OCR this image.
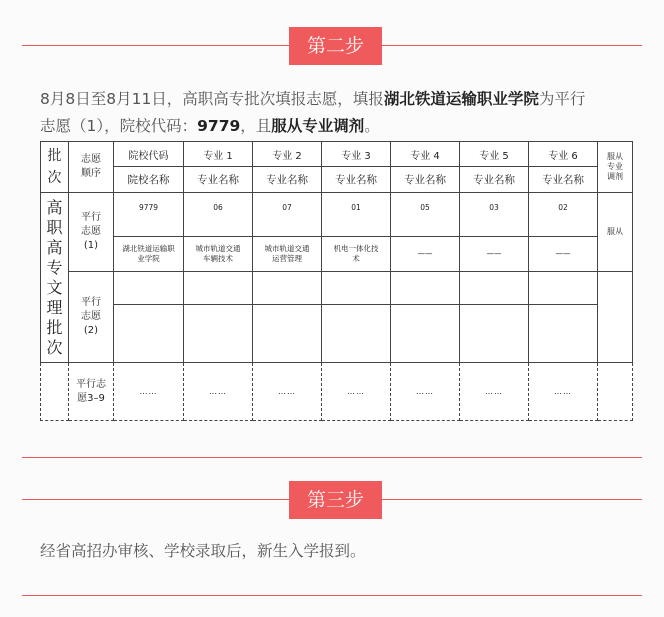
第二步
8月8日至8月11日，高职高专批次填报志愿，填报湖北铁道运输职业学院为平行
志愿（1），院校代码：9779，且服从专业调剂。
批次	志愿顺序	院校代码	专业 1	专业 2	专业 3	专业 4	专业 5	专业 6	服从专业调剂
		院校名称	专业名称	专业名称	专业名称	专业名称	专业名称	专业名称	
高职高专文理批次	平行志愿(1)	9779	06	07	01	05	03	02	服从
		湖北铁道运输职业学院	城市轨道交通车辆技术	城市轨道交通运营管理	机电一体化技术	——	——	——	
	平行志愿(2)								

	平行志愿3–9	……	……	……	……	……	……	……	
第三步
经省高招办审核、学校录取后，新生入学报到。
